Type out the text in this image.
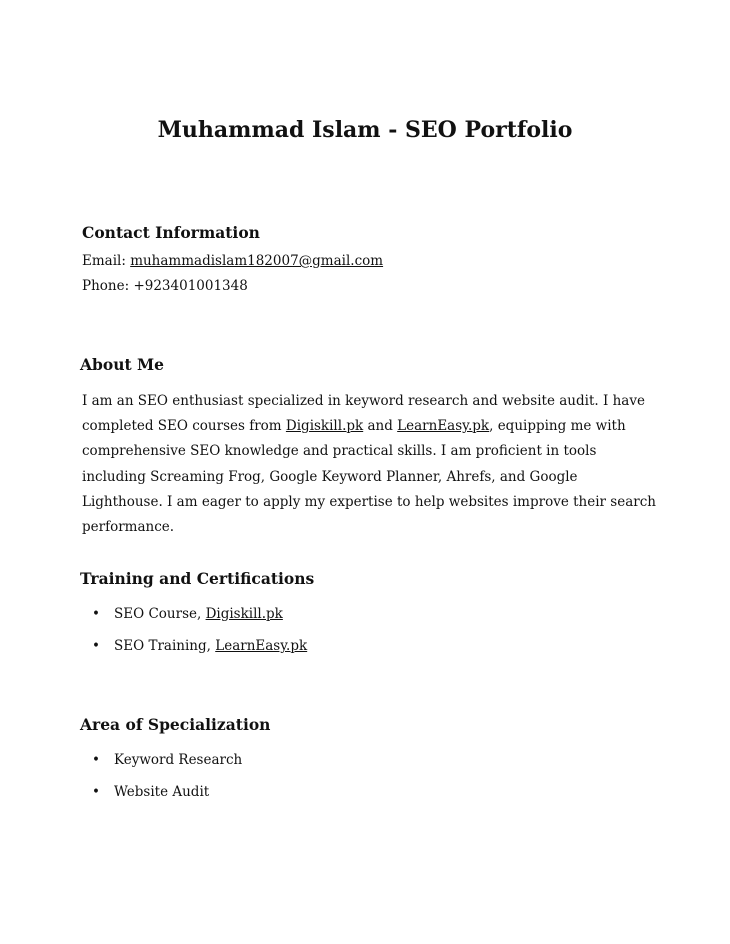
Muhammad Islam - SEO Portfolio
Contact Information

Email: muhammadislam182007@gmail.com

Phone: +923401001348

About Me

I am an SEO enthusiast specialized in keyword research and website audit. I have completed SEO courses from Digiskill.pk and LearnEasy.pk, equipping me with comprehensive SEO knowledge and practical skills. I am proficient in tools including Screaming Frog, Google Keyword Planner, Ahrefs, and Google Lighthouse. I am eager to apply my expertise to help websites improve their search performance.

Training and Certifications
• SEO Course, Digiskill.pk
• SEO Training, LearnEasy.pk
Area of Specialization
• Keyword Research
• Website Audit
